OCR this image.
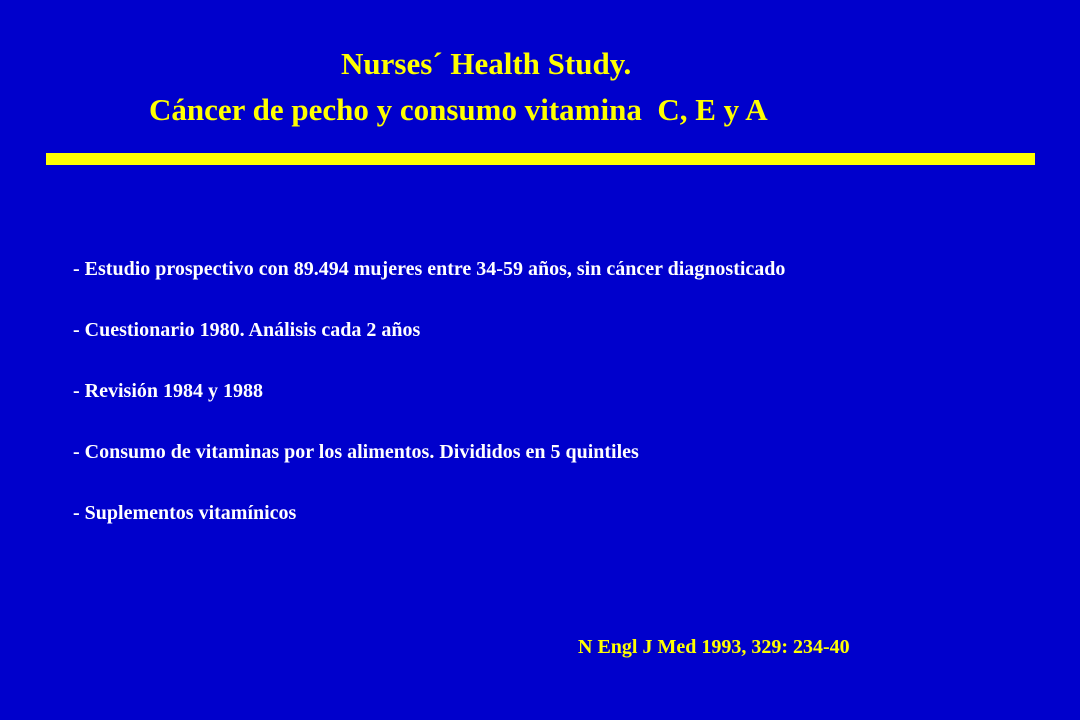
Nurses´ Health Study.
Cáncer de pecho y consumo vitamina  C, E y A
- Estudio prospectivo con 89.494 mujeres entre 34-59 años, sin cáncer diagnosticado
- Cuestionario 1980. Análisis cada 2 años
- Revisión 1984 y 1988
- Consumo de vitaminas por los alimentos. Divididos en 5 quintiles
- Suplementos vitamínicos
N Engl J Med 1993, 329: 234-40
